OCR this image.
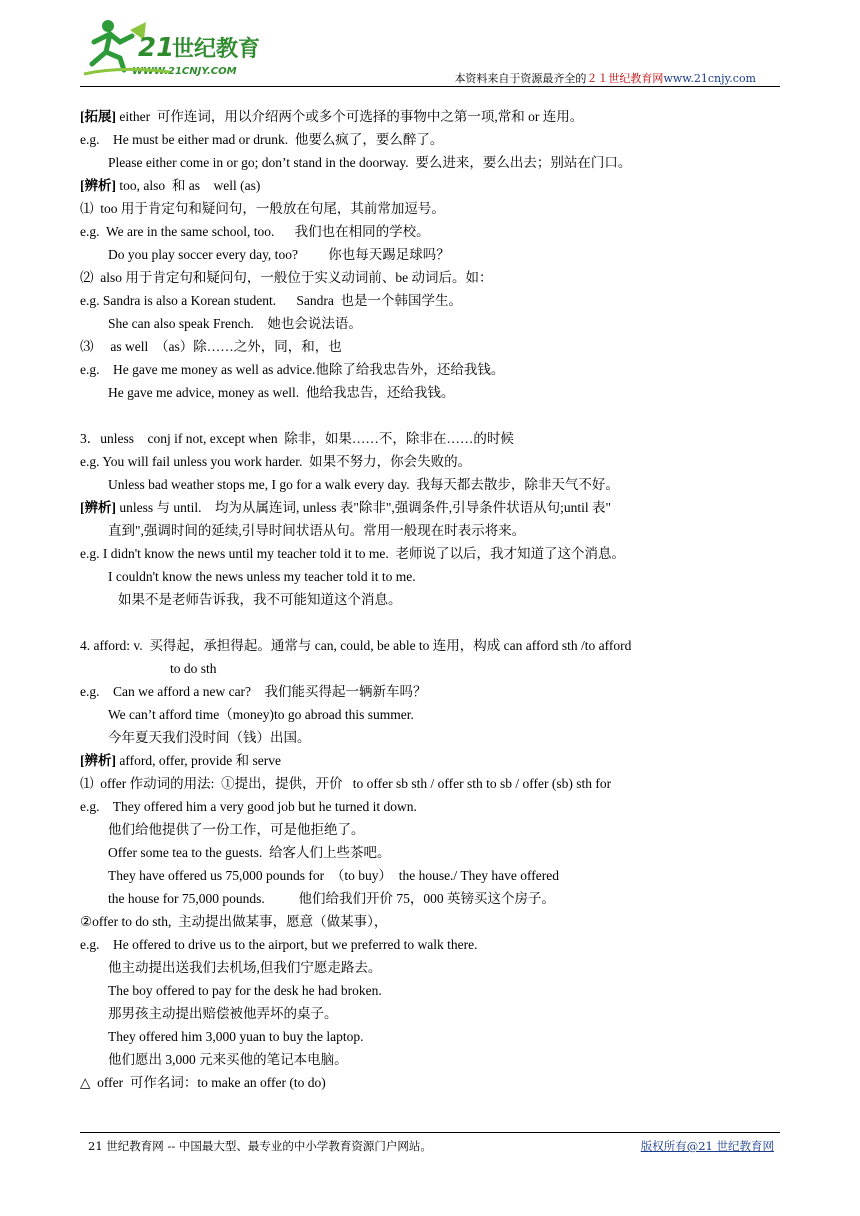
21
世纪教育
WWW.21CNJY.COM
本资料来自于资源最齐全的２１世纪教育网www.21cnjy.com
[拓展] either  可作连词，用以介绍两个或多个可选择的事物中之第一项,常和 or 连用。
e.g.    He must be either mad or drunk.  他要么疯了，要么醉了。
Please either come in or go; don’t stand in the doorway.  要么进来，要么出去；别站在门口。
[辨析] too, also  和 as    well (as)
⑴  too 用于肯定句和疑问句，一般放在句尾，其前常加逗号。
e.g.  We are in the same school, too.      我们也在相同的学校。
Do you play soccer every day, too?         你也每天踢足球吗？
⑵  also 用于肯定句和疑问句，一般位于实义动词前、be 动词后。如：
e.g. Sandra is also a Korean student.      Sandra  也是一个韩国学生。
She can also speak French.    她也会说法语。
⑶     as well  （as）除……之外，同，和，也
e.g.    He gave me money as well as advice.他除了给我忠告外，还给我钱。
He gave me advice, money as well.  他给我忠告，还给我钱。
3．unless    conj if not, except when  除非，如果……不，除非在……的时候
e.g. You will fail unless you work harder.  如果不努力，你会失败的。
Unless bad weather stops me, I go for a walk every day.  我每天都去散步，除非天气不好。
[辨析] unless 与 until.    均为从属连词, unless 表"除非",强调条件,引导条件状语从句;until 表"
直到",强调时间的延续,引导时间状语从句。常用一般现在时表示将来。
e.g. I didn't know the news until my teacher told it to me.  老师说了以后，我才知道了这个消息。
I couldn't know the news unless my teacher told it to me.
如果不是老师告诉我，我不可能知道这个消息。
4. afford: v.  买得起，承担得起。通常与 can, could, be able to 连用，构成 can afford sth /to afford
to do sth
e.g.    Can we afford a new car?    我们能买得起一辆新车吗？
We can’t afford time（money)to go abroad this summer.
今年夏天我们没时间（钱）出国。
[辨析] afford, offer, provide 和 serve
⑴  offer 作动词的用法:  ①提出，提供，开价   to offer sb sth / offer sth to sb / offer (sb) sth for
e.g.    They offered him a very good job but he turned it down.
他们给他提供了一份工作，可是他拒绝了。
Offer some tea to the guests.  给客人们上些茶吧。
They have offered us 75,000 pounds for  （to buy）  the house./ They have offered
the house for 75,000 pounds.          他们给我们开价 75，000 英镑买这个房子。
②offer to do sth,  主动提出做某事，愿意（做某事），
e.g.    He offered to drive us to the airport, but we preferred to walk there.
他主动提出送我们去机场,但我们宁愿走路去。
The boy offered to pay for the desk he had broken.
那男孩主动提出赔偿被他弄坏的桌子。
They offered him 3,000 yuan to buy the laptop.
他们愿出 3,000 元来买他的笔记本电脑。
△  offer  可作名词：to make an offer (to do)
21 世纪教育网 -- 中国最大型、最专业的中小学教育资源门户网站。	版权所有@21 世纪教育网
